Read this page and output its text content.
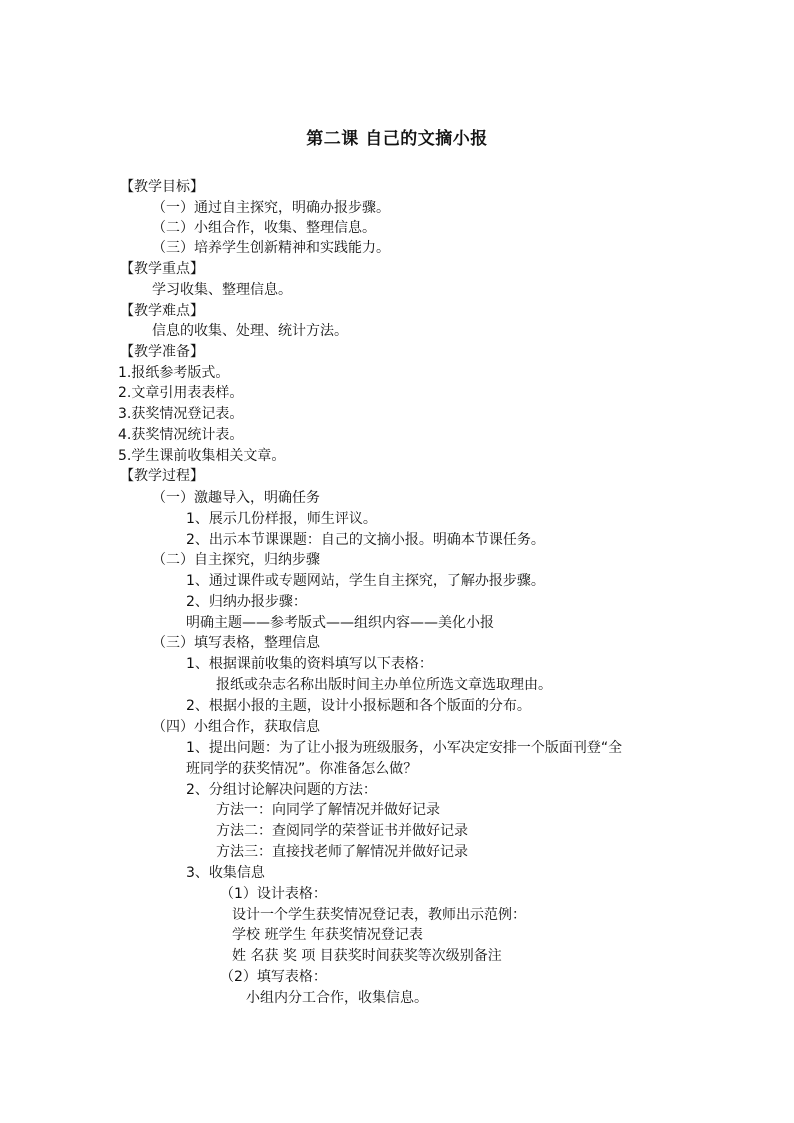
第二课 自己的文摘小报
【教学目标】
（一）通过自主探究，明确办报步骤。
（二）小组合作，收集、整理信息。
（三）培养学生创新精神和实践能力。
【教学重点】
学习收集、整理信息。
【教学难点】
信息的收集、处理、统计方法。
【教学准备】
1.报纸参考版式。
2.文章引用表表样。
3.获奖情况登记表。
4.获奖情况统计表。
5.学生课前收集相关文章。
【教学过程】
（一）激趣导入，明确任务
1、展示几份样报，师生评议。
2、出示本节课课题：自己的文摘小报。明确本节课任务。
（二）自主探究，归纳步骤
1、通过课件或专题网站，学生自主探究，了解办报步骤。
2、归纳办报步骤：
明确主题——参考版式——组织内容——美化小报
（三）填写表格，整理信息
1、根据课前收集的资料填写以下表格：
报纸或杂志名称出版时间主办单位所选文章选取理由。
2、根据小报的主题，设计小报标题和各个版面的分布。
（四）小组合作，获取信息
1、提出问题：为了让小报为班级服务，小军决定安排一个版面刊登“全
班同学的获奖情况”。你准备怎么做？
2、分组讨论解决问题的方法：
方法一：向同学了解情况并做好记录
方法二：查阅同学的荣誉证书并做好记录
方法三：直接找老师了解情况并做好记录
3、收集信息
（1）设计表格：
设计一个学生获奖情况登记表，教师出示范例：
学校 班学生 年获奖情况登记表
姓 名获 奖 项 目获奖时间获奖等次级别备注
（2）填写表格：
小组内分工合作，收集信息。
